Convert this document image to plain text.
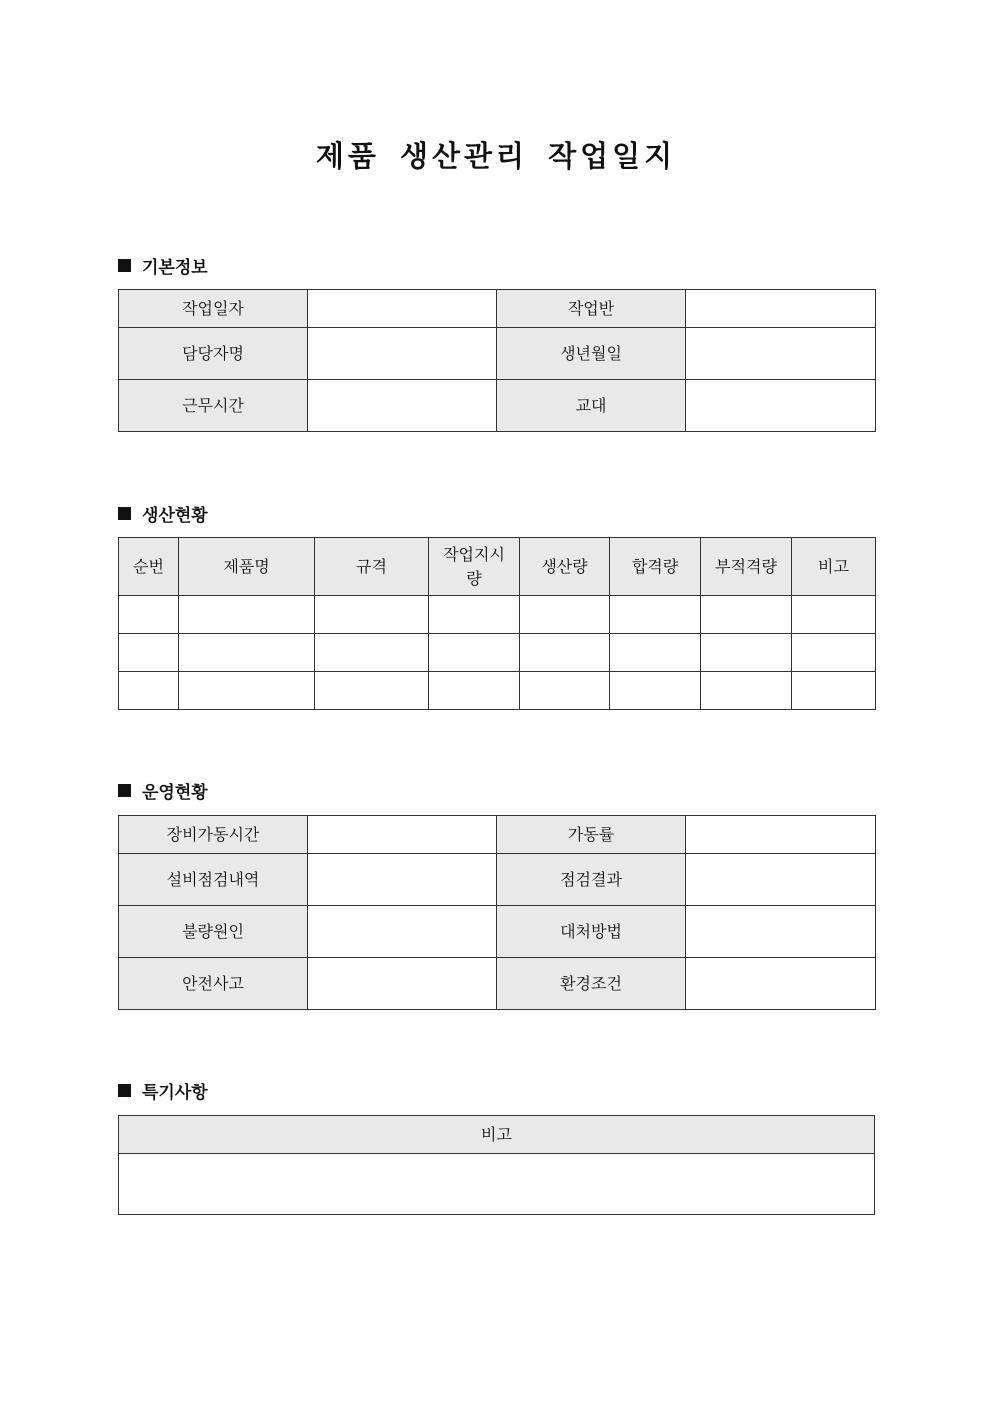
제품 생산관리 작업일지
기본정보
작업일자		작업반	
담당자명		생년월일	
근무시간		교대	
생산현황
순번	제품명	규격	작업지시량	생산량	합격량	부적격량	비고

운영현황
장비가동시간		가동률	
설비점검내역		점검결과	
불량원인		대처방법	
안전사고		환경조건	
특기사항
비고
